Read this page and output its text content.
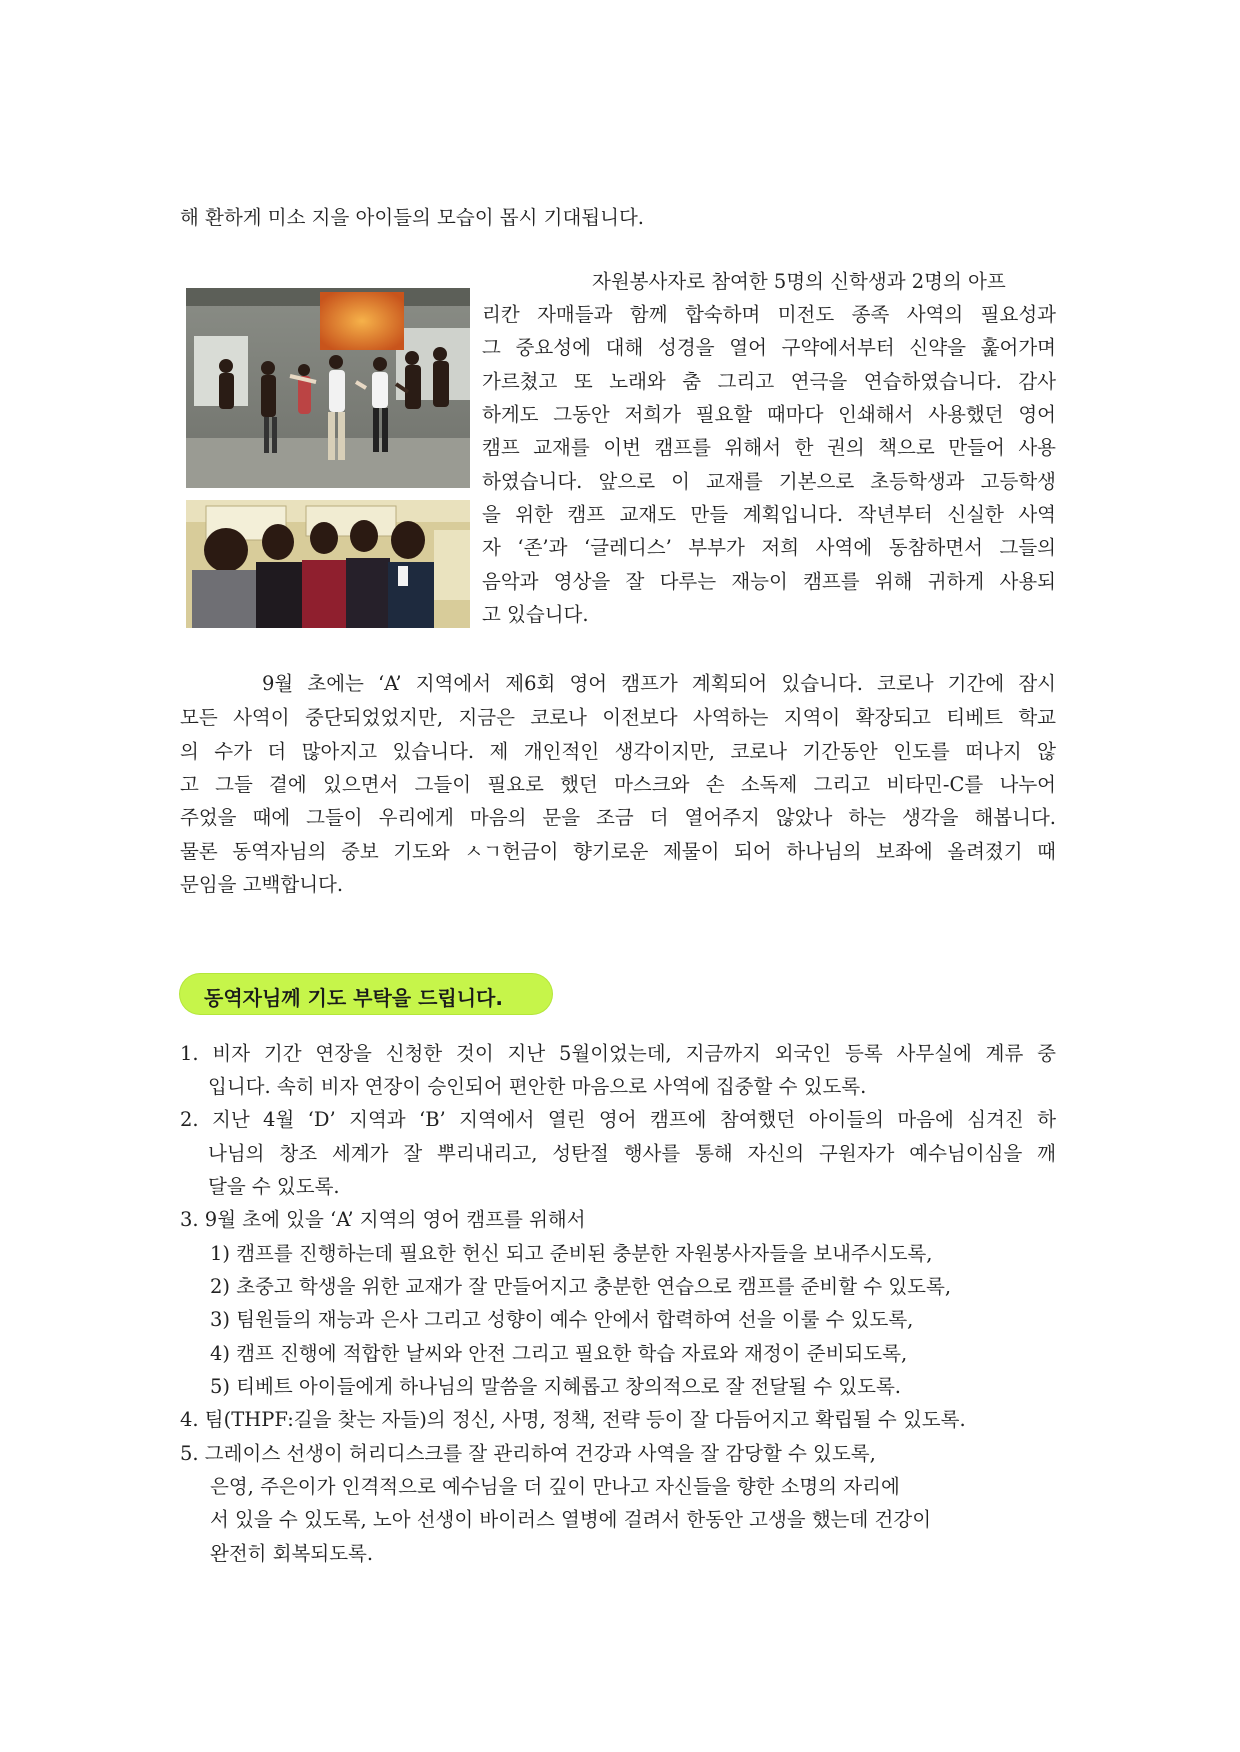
해 환하게 미소 지을 아이들의 모습이 몹시 기대됩니다.
자원봉사자로 참여한 5명의 신학생과 2명의 아프
리칸 자매들과 함께 합숙하며 미전도 종족 사역의 필요성과
그 중요성에 대해 성경을 열어 구약에서부터 신약을 훑어가며
가르쳤고 또 노래와 춤 그리고 연극을 연습하였습니다. 감사
하게도 그동안 저희가 필요할 때마다 인쇄해서 사용했던 영어
캠프 교재를 이번 캠프를 위해서 한 권의 책으로 만들어 사용
하였습니다. 앞으로 이 교재를 기본으로 초등학생과 고등학생
을 위한 캠프 교재도 만들 계획입니다. 작년부터 신실한 사역
자 ‘존’과 ‘글레디스’ 부부가 저희 사역에 동참하면서 그들의
음악과 영상을 잘 다루는 재능이 캠프를 위해 귀하게 사용되
고 있습니다.
9월 초에는 ‘A’ 지역에서 제6회 영어 캠프가 계획되어 있습니다. 코로나 기간에 잠시
모든 사역이 중단되었었지만, 지금은 코로나 이전보다 사역하는 지역이 확장되고 티베트 학교
의 수가 더 많아지고 있습니다. 제 개인적인 생각이지만, 코로나 기간동안 인도를 떠나지 않
고 그들 곁에 있으면서 그들이 필요로 했던 마스크와 손 소독제 그리고 비타민-C를 나누어
주었을 때에 그들이 우리에게 마음의 문을 조금 더 열어주지 않았나 하는 생각을 해봅니다.
물론 동역자님의 중보 기도와 ㅅㄱ헌금이 향기로운 제물이 되어 하나님의 보좌에 올려졌기 때
문임을 고백합니다.
동역자님께 기도 부탁을 드립니다.
1. 비자 기간 연장을 신청한 것이 지난 5월이었는데, 지금까지 외국인 등록 사무실에 계류 중
입니다. 속히 비자 연장이 승인되어 편안한 마음으로 사역에 집중할 수 있도록.
2. 지난 4월 ‘D’ 지역과 ‘B’ 지역에서 열린 영어 캠프에 참여했던 아이들의 마음에 심겨진 하
나님의 창조 세계가 잘 뿌리내리고, 성탄절 행사를 통해 자신의 구원자가 예수님이심을 깨
달을 수 있도록.
3. 9월 초에 있을 ‘A’ 지역의 영어 캠프를 위해서
1) 캠프를 진행하는데 필요한 헌신 되고 준비된 충분한 자원봉사자들을 보내주시도록,
2) 초중고 학생을 위한 교재가 잘 만들어지고 충분한 연습으로 캠프를 준비할 수 있도록,
3) 팀원들의 재능과 은사 그리고 성향이 예수 안에서 합력하여 선을 이룰 수 있도록,
4) 캠프 진행에 적합한 날씨와 안전 그리고 필요한 학습 자료와 재정이 준비되도록,
5) 티베트 아이들에게 하나님의 말씀을 지혜롭고 창의적으로 잘 전달될 수 있도록.
4. 팀(THPF:길을 찾는 자들)의 정신, 사명, 정책, 전략 등이 잘 다듬어지고 확립될 수 있도록.
5. 그레이스 선생이 허리디스크를 잘 관리하여 건강과 사역을 잘 감당할 수 있도록,
은영, 주은이가 인격적으로 예수님을 더 깊이 만나고 자신들을 향한 소명의 자리에
서 있을 수 있도록, 노아 선생이 바이러스 열병에 걸려서 한동안 고생을 했는데 건강이
완전히 회복되도록.
